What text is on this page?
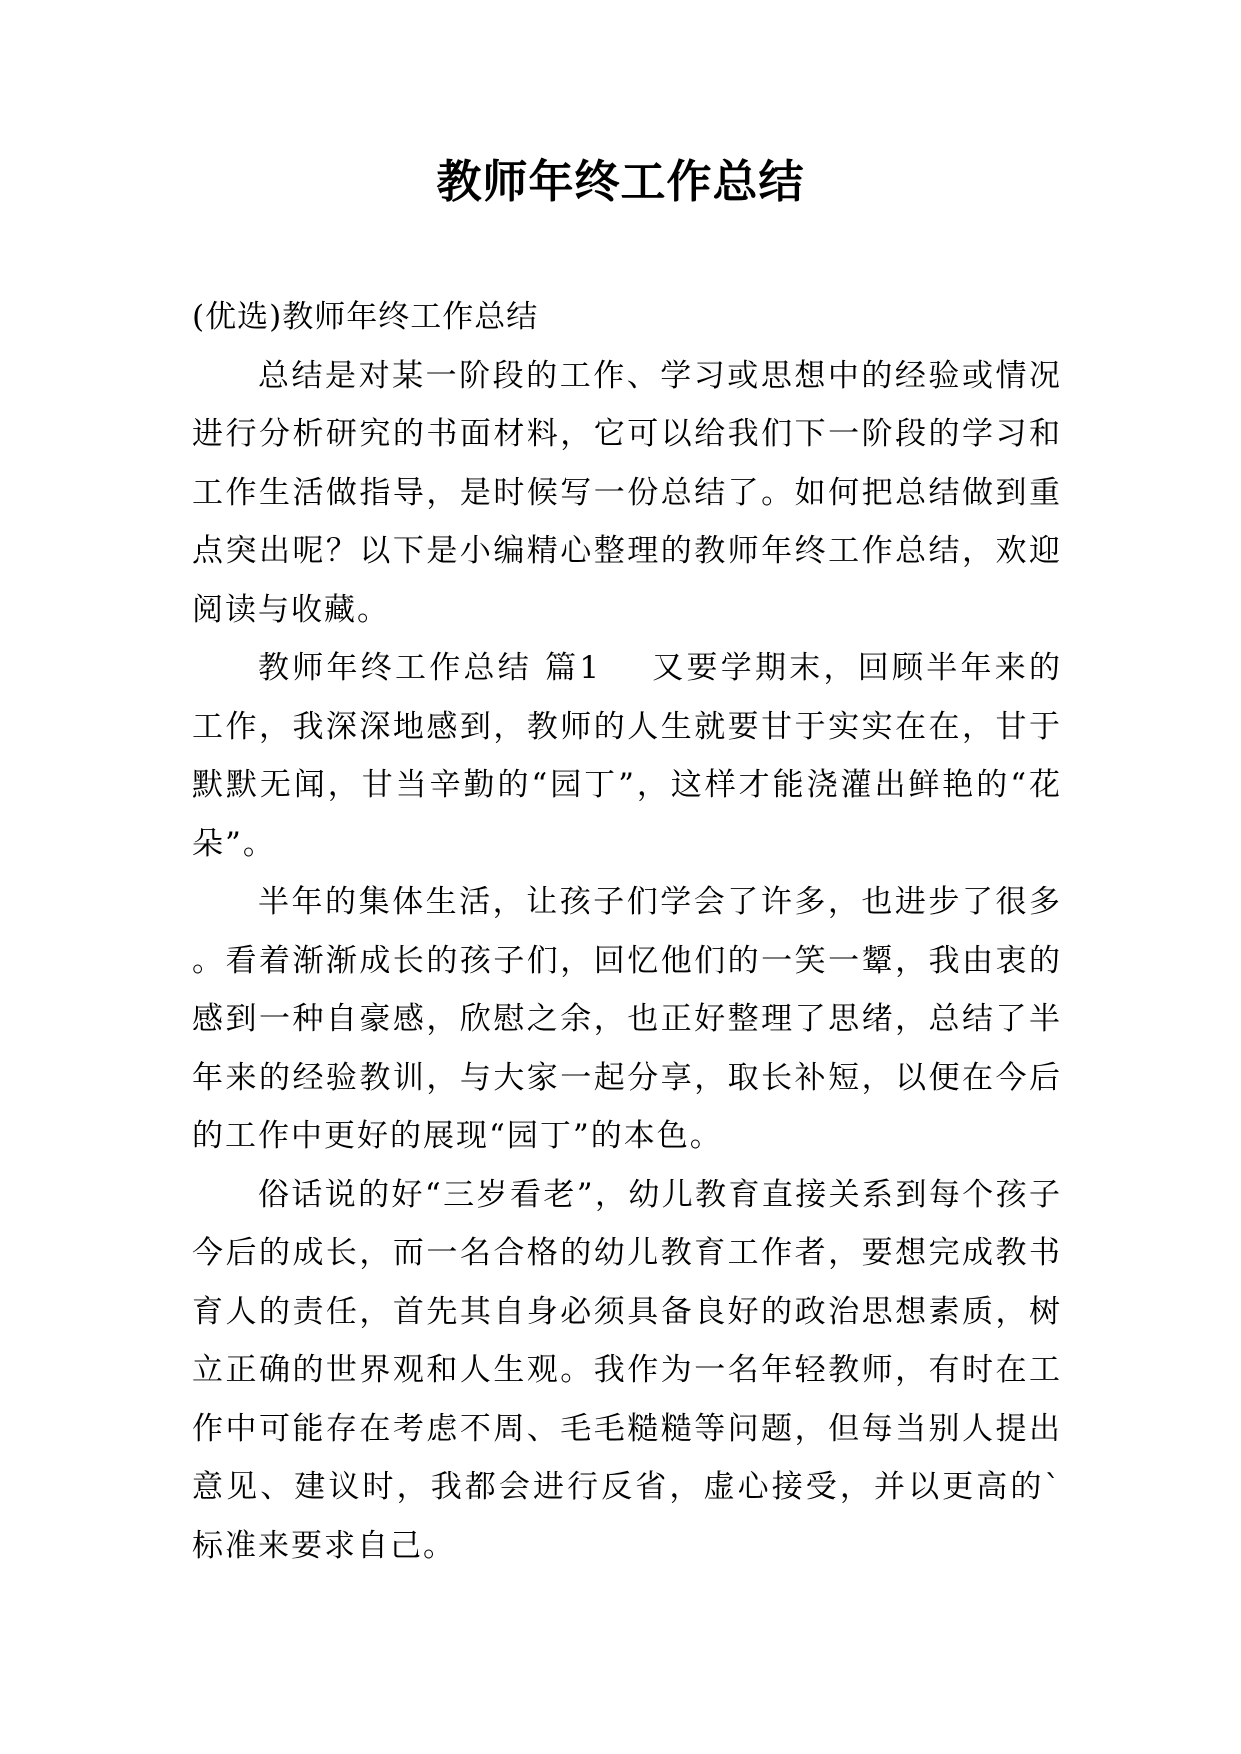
教师年终工作总结

(优选)教师年终工作总结

总结是对某一阶段的工作、学习或思想中的经验或情况进行分析研究的书面材料，它可以给我们下一阶段的学习和工作生活做指导，是时候写一份总结了。如何把总结做到重点突出呢？以下是小编精心整理的教师年终工作总结，欢迎阅读与收藏。

教师年终工作总结 篇1 又要学期末，回顾半年来的工作，我深深地感到，教师的人生就要甘于实实在在，甘于默默无闻，甘当辛勤的“园丁”，这样才能浇灌出鲜艳的“花朵”。

半年的集体生活，让孩子们学会了许多，也进步了很多。看着渐渐成长的孩子们，回忆他们的一笑一颦，我由衷的感到一种自豪感，欣慰之余，也正好整理了思绪，总结了半年来的经验教训，与大家一起分享，取长补短，以便在今后的工作中更好的展现“园丁”的本色。

俗话说的好“三岁看老”，幼儿教育直接关系到每个孩子今后的成长，而一名合格的幼儿教育工作者，要想完成教书育人的责任，首先其自身必须具备良好的政治思想素质，树立正确的世界观和人生观。我作为一名年轻教师，有时在工作中可能存在考虑不周、毛毛糙糙等问题，但每当别人提出意见、建议时，我都会进行反省，虚心接受，并以更高的`标准来要求自己。
